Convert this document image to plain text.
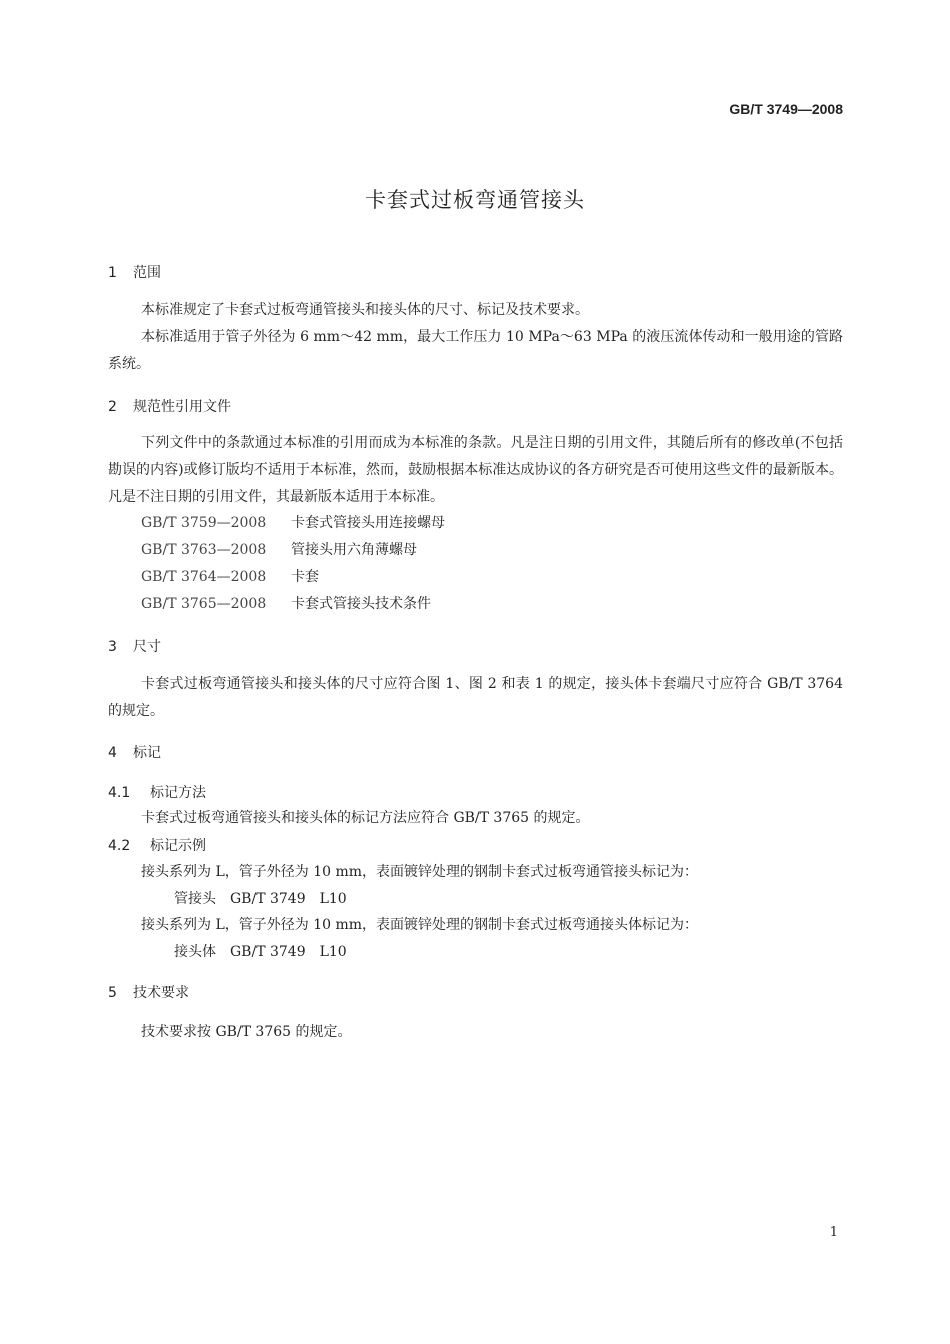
GB/T 3749—2008
卡套式过板弯通管接头
1 范围
本标准规定了卡套式过板弯通管接头和接头体的尺寸、标记及技术要求。
本标准适用于管子外径为 6 mm～42 mm，最大工作压力 10 MPa～63 MPa 的液压流体传动和一般用途的管路系统。
2 规范性引用文件
下列文件中的条款通过本标准的引用而成为本标准的条款。凡是注日期的引用文件，其随后所有的修改单(不包括勘误的内容)或修订版均不适用于本标准，然而，鼓励根据本标准达成协议的各方研究是否可使用这些文件的最新版本。凡是不注日期的引用文件，其最新版本适用于本标准。
GB/T 3759—2008 卡套式管接头用连接螺母
GB/T 3763—2008 管接头用六角薄螺母
GB/T 3764—2008 卡套
GB/T 3765—2008 卡套式管接头技术条件
3 尺寸
卡套式过板弯通管接头和接头体的尺寸应符合图 1、图 2 和表 1 的规定，接头体卡套端尺寸应符合 GB/T 3764 的规定。
4 标记
4.1 标记方法
卡套式过板弯通管接头和接头体的标记方法应符合 GB/T 3765 的规定。
4.2 标记示例
接头系列为 L，管子外径为 10 mm，表面镀锌处理的钢制卡套式过板弯通管接头标记为：
管接头　GB/T 3749　L10
接头系列为 L，管子外径为 10 mm，表面镀锌处理的钢制卡套式过板弯通接头体标记为：
接头体　GB/T 3749　L10
5 技术要求
技术要求按 GB/T 3765 的规定。
1
